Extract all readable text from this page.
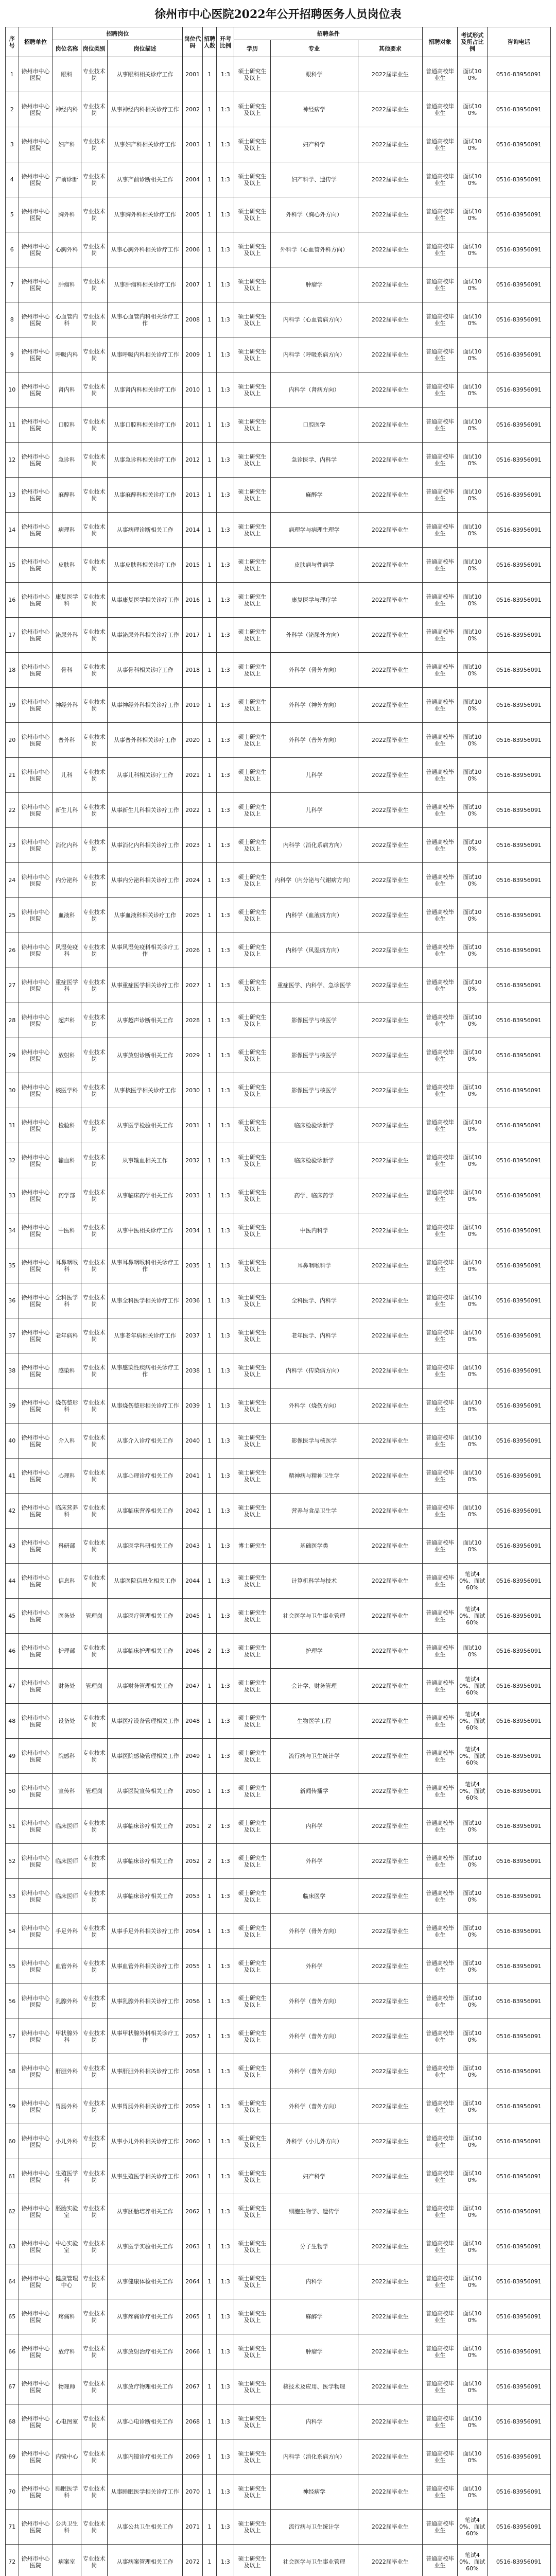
徐州市中心医院2022年公开招聘医务人员岗位表
序号	招聘单位	招聘岗位			岗位代码	招聘人数	开考比例	招聘条件			招聘对象	考试形式及所占比例	咨询电话
		岗位名称	岗位类别	岗位描述				学历	专业	其他要求			
1	徐州市中心医院	眼科	专业技术岗	从事眼科相关诊疗工作	2001	1	1:3	硕士研究生及以上	眼科学	2022届毕业生	普通高校毕业生	面试100%	0516-83956091
2	徐州市中心医院	神经内科	专业技术岗	从事神经内科相关诊疗工作	2002	1	1:3	硕士研究生及以上	神经病学	2022届毕业生	普通高校毕业生	面试100%	0516-83956091
3	徐州市中心医院	妇产科	专业技术岗	从事妇产科相关诊疗工作	2003	1	1:3	硕士研究生及以上	妇产科学	2022届毕业生	普通高校毕业生	面试100%	0516-83956091
4	徐州市中心医院	产前诊断	专业技术岗	从事产前诊断相关工作	2004	1	1:3	硕士研究生及以上	妇产科学、遗传学	2022届毕业生	普通高校毕业生	面试100%	0516-83956091
5	徐州市中心医院	胸外科	专业技术岗	从事胸外科相关诊疗工作	2005	1	1:3	硕士研究生及以上	外科学（胸心外方向）	2022届毕业生	普通高校毕业生	面试100%	0516-83956091
6	徐州市中心医院	心胸外科	专业技术岗	从事心胸外科相关诊疗工作	2006	1	1:3	硕士研究生及以上	外科学（心血管外科方向）	2022届毕业生	普通高校毕业生	面试100%	0516-83956091
7	徐州市中心医院	肿瘤科	专业技术岗	从事肿瘤科相关诊疗工作	2007	1	1:3	硕士研究生及以上	肿瘤学	2022届毕业生	普通高校毕业生	面试100%	0516-83956091
8	徐州市中心医院	心血管内科	专业技术岗	从事心血管内科相关诊疗工作	2008	1	1:3	硕士研究生及以上	内科学（心血管病方向）	2022届毕业生	普通高校毕业生	面试100%	0516-83956091
9	徐州市中心医院	呼吸内科	专业技术岗	从事呼吸内科相关诊疗工作	2009	1	1:3	硕士研究生及以上	内科学（呼吸系病方向）	2022届毕业生	普通高校毕业生	面试100%	0516-83956091
10	徐州市中心医院	肾内科	专业技术岗	从事肾内科相关诊疗工作	2010	1	1:3	硕士研究生及以上	内科学（肾病方向）	2022届毕业生	普通高校毕业生	面试100%	0516-83956091
11	徐州市中心医院	口腔科	专业技术岗	从事口腔科相关诊疗工作	2011	1	1:3	硕士研究生及以上	口腔医学	2022届毕业生	普通高校毕业生	面试100%	0516-83956091
12	徐州市中心医院	急诊科	专业技术岗	从事急诊科相关诊疗工作	2012	1	1:3	硕士研究生及以上	急诊医学、内科学	2022届毕业生	普通高校毕业生	面试100%	0516-83956091
13	徐州市中心医院	麻醉科	专业技术岗	从事麻醉科相关诊疗工作	2013	1	1:3	硕士研究生及以上	麻醉学	2022届毕业生	普通高校毕业生	面试100%	0516-83956091
14	徐州市中心医院	病理科	专业技术岗	从事病理诊断相关工作	2014	1	1:3	硕士研究生及以上	病理学与病理生理学	2022届毕业生	普通高校毕业生	面试100%	0516-83956091
15	徐州市中心医院	皮肤科	专业技术岗	从事皮肤科相关诊疗工作	2015	1	1:3	硕士研究生及以上	皮肤病与性病学	2022届毕业生	普通高校毕业生	面试100%	0516-83956091
16	徐州市中心医院	康复医学科	专业技术岗	从事康复医学相关诊疗工作	2016	1	1:3	硕士研究生及以上	康复医学与理疗学	2022届毕业生	普通高校毕业生	面试100%	0516-83956091
17	徐州市中心医院	泌尿外科	专业技术岗	从事泌尿外科相关诊疗工作	2017	1	1:3	硕士研究生及以上	外科学（泌尿外方向）	2022届毕业生	普通高校毕业生	面试100%	0516-83956091
18	徐州市中心医院	骨科	专业技术岗	从事骨科相关诊疗工作	2018	1	1:3	硕士研究生及以上	外科学（骨外方向）	2022届毕业生	普通高校毕业生	面试100%	0516-83956091
19	徐州市中心医院	神经外科	专业技术岗	从事神经外科相关诊疗工作	2019	1	1:3	硕士研究生及以上	外科学（神外方向）	2022届毕业生	普通高校毕业生	面试100%	0516-83956091
20	徐州市中心医院	普外科	专业技术岗	从事普外科相关诊疗工作	2020	1	1:3	硕士研究生及以上	外科学（普外方向）	2022届毕业生	普通高校毕业生	面试100%	0516-83956091
21	徐州市中心医院	儿科	专业技术岗	从事儿科相关诊疗工作	2021	1	1:3	硕士研究生及以上	儿科学	2022届毕业生	普通高校毕业生	面试100%	0516-83956091
22	徐州市中心医院	新生儿科	专业技术岗	从事新生儿科相关诊疗工作	2022	1	1:3	硕士研究生及以上	儿科学	2022届毕业生	普通高校毕业生	面试100%	0516-83956091
23	徐州市中心医院	消化内科	专业技术岗	从事消化内科相关诊疗工作	2023	1	1:3	硕士研究生及以上	内科学（消化系病方向）	2022届毕业生	普通高校毕业生	面试100%	0516-83956091
24	徐州市中心医院	内分泌科	专业技术岗	从事内分泌科相关诊疗工作	2024	1	1:3	硕士研究生及以上	内科学（内分泌与代谢病方向）	2022届毕业生	普通高校毕业生	面试100%	0516-83956091
25	徐州市中心医院	血液科	专业技术岗	从事血液科相关诊疗工作	2025	1	1:3	硕士研究生及以上	内科学（血液病方向）	2022届毕业生	普通高校毕业生	面试100%	0516-83956091
26	徐州市中心医院	风湿免疫科	专业技术岗	从事风湿免疫科相关诊疗工作	2026	1	1:3	硕士研究生及以上	内科学（风湿病方向）	2022届毕业生	普通高校毕业生	面试100%	0516-83956091
27	徐州市中心医院	重症医学科	专业技术岗	从事重症医学相关诊疗工作	2027	1	1:3	硕士研究生及以上	重症医学、内科学、急诊医学	2022届毕业生	普通高校毕业生	面试100%	0516-83956091
28	徐州市中心医院	超声科	专业技术岗	从事超声诊断相关工作	2028	1	1:3	硕士研究生及以上	影像医学与核医学	2022届毕业生	普通高校毕业生	面试100%	0516-83956091
29	徐州市中心医院	放射科	专业技术岗	从事放射诊断相关工作	2029	1	1:3	硕士研究生及以上	影像医学与核医学	2022届毕业生	普通高校毕业生	面试100%	0516-83956091
30	徐州市中心医院	核医学科	专业技术岗	从事核医学相关诊疗工作	2030	1	1:3	硕士研究生及以上	影像医学与核医学	2022届毕业生	普通高校毕业生	面试100%	0516-83956091
31	徐州市中心医院	检验科	专业技术岗	从事医学检验相关工作	2031	1	1:3	硕士研究生及以上	临床检验诊断学	2022届毕业生	普通高校毕业生	面试100%	0516-83956091
32	徐州市中心医院	输血科	专业技术岗	从事输血相关工作	2032	1	1:3	硕士研究生及以上	临床检验诊断学	2022届毕业生	普通高校毕业生	面试100%	0516-83956091
33	徐州市中心医院	药学部	专业技术岗	从事临床药学相关工作	2033	1	1:3	硕士研究生及以上	药学、临床药学	2022届毕业生	普通高校毕业生	面试100%	0516-83956091
34	徐州市中心医院	中医科	专业技术岗	从事中医相关诊疗工作	2034	1	1:3	硕士研究生及以上	中医内科学	2022届毕业生	普通高校毕业生	面试100%	0516-83956091
35	徐州市中心医院	耳鼻咽喉科	专业技术岗	从事耳鼻咽喉科相关诊疗工作	2035	1	1:3	硕士研究生及以上	耳鼻咽喉科学	2022届毕业生	普通高校毕业生	面试100%	0516-83956091
36	徐州市中心医院	全科医学科	专业技术岗	从事全科医学相关诊疗工作	2036	1	1:3	硕士研究生及以上	全科医学、内科学	2022届毕业生	普通高校毕业生	面试100%	0516-83956091
37	徐州市中心医院	老年病科	专业技术岗	从事老年病相关诊疗工作	2037	1	1:3	硕士研究生及以上	老年医学、内科学	2022届毕业生	普通高校毕业生	面试100%	0516-83956091
38	徐州市中心医院	感染科	专业技术岗	从事感染性疾病相关诊疗工作	2038	1	1:3	硕士研究生及以上	内科学（传染病方向）	2022届毕业生	普通高校毕业生	面试100%	0516-83956091
39	徐州市中心医院	烧伤整形科	专业技术岗	从事烧伤整形相关诊疗工作	2039	1	1:3	硕士研究生及以上	外科学（烧伤方向）	2022届毕业生	普通高校毕业生	面试100%	0516-83956091
40	徐州市中心医院	介入科	专业技术岗	从事介入诊疗相关工作	2040	1	1:3	硕士研究生及以上	影像医学与核医学	2022届毕业生	普通高校毕业生	面试100%	0516-83956091
41	徐州市中心医院	心理科	专业技术岗	从事心理诊疗相关工作	2041	1	1:3	硕士研究生及以上	精神病与精神卫生学	2022届毕业生	普通高校毕业生	面试100%	0516-83956091
42	徐州市中心医院	临床营养科	专业技术岗	从事临床营养相关工作	2042	1	1:3	硕士研究生及以上	营养与食品卫生学	2022届毕业生	普通高校毕业生	面试100%	0516-83956091
43	徐州市中心医院	科研部	专业技术岗	从事医学科研相关工作	2043	1	1:3	博士研究生	基础医学类	2022届毕业生	普通高校毕业生	面试100%	0516-83956091
44	徐州市中心医院	信息科	专业技术岗	从事医院信息化相关工作	2044	1	1:3	硕士研究生及以上	计算机科学与技术	2022届毕业生	普通高校毕业生	笔试40%、面试60%	0516-83956091
45	徐州市中心医院	医务处	管理岗	从事医疗管理相关工作	2045	1	1:3	硕士研究生及以上	社会医学与卫生事业管理	2022届毕业生	普通高校毕业生	笔试40%、面试60%	0516-83956091
46	徐州市中心医院	护理部	专业技术岗	从事临床护理相关工作	2046	2	1:3	硕士研究生及以上	护理学	2022届毕业生	普通高校毕业生	面试100%	0516-83956091
47	徐州市中心医院	财务处	管理岗	从事财务管理相关工作	2047	1	1:3	硕士研究生及以上	会计学、财务管理	2022届毕业生	普通高校毕业生	笔试40%、面试60%	0516-83956091
48	徐州市中心医院	设备处	专业技术岗	从事医疗设备管理相关工作	2048	1	1:3	硕士研究生及以上	生物医学工程	2022届毕业生	普通高校毕业生	笔试40%、面试60%	0516-83956091
49	徐州市中心医院	院感科	专业技术岗	从事医院感染管理相关工作	2049	1	1:3	硕士研究生及以上	流行病与卫生统计学	2022届毕业生	普通高校毕业生	笔试40%、面试60%	0516-83956091
50	徐州市中心医院	宣传科	管理岗	从事医院宣传相关工作	2050	1	1:3	硕士研究生及以上	新闻传播学	2022届毕业生	普通高校毕业生	笔试40%、面试60%	0516-83956091
51	徐州市中心医院	临床医师	专业技术岗	从事临床诊疗相关工作	2051	2	1:3	硕士研究生及以上	内科学	2022届毕业生	普通高校毕业生	面试100%	0516-83956091
52	徐州市中心医院	临床医师	专业技术岗	从事临床诊疗相关工作	2052	2	1:3	硕士研究生及以上	外科学	2022届毕业生	普通高校毕业生	面试100%	0516-83956091
53	徐州市中心医院	临床医师	专业技术岗	从事临床诊疗相关工作	2053	1	1:3	硕士研究生及以上	临床医学	2022届毕业生	普通高校毕业生	面试100%	0516-83956091
54	徐州市中心医院	手足外科	专业技术岗	从事手足外科相关诊疗工作	2054	1	1:3	硕士研究生及以上	外科学（骨外方向）	2022届毕业生	普通高校毕业生	面试100%	0516-83956091
55	徐州市中心医院	血管外科	专业技术岗	从事血管外科相关诊疗工作	2055	1	1:3	硕士研究生及以上	外科学	2022届毕业生	普通高校毕业生	面试100%	0516-83956091
56	徐州市中心医院	乳腺外科	专业技术岗	从事乳腺外科相关诊疗工作	2056	1	1:3	硕士研究生及以上	外科学（普外方向）	2022届毕业生	普通高校毕业生	面试100%	0516-83956091
57	徐州市中心医院	甲状腺外科	专业技术岗	从事甲状腺外科相关诊疗工作	2057	1	1:3	硕士研究生及以上	外科学（普外方向）	2022届毕业生	普通高校毕业生	面试100%	0516-83956091
58	徐州市中心医院	肝胆外科	专业技术岗	从事肝胆外科相关诊疗工作	2058	1	1:3	硕士研究生及以上	外科学（普外方向）	2022届毕业生	普通高校毕业生	面试100%	0516-83956091
59	徐州市中心医院	胃肠外科	专业技术岗	从事胃肠外科相关诊疗工作	2059	1	1:3	硕士研究生及以上	外科学（普外方向）	2022届毕业生	普通高校毕业生	面试100%	0516-83956091
60	徐州市中心医院	小儿外科	专业技术岗	从事小儿外科相关诊疗工作	2060	1	1:3	硕士研究生及以上	外科学（小儿外方向）	2022届毕业生	普通高校毕业生	面试100%	0516-83956091
61	徐州市中心医院	生殖医学科	专业技术岗	从事生殖医学相关诊疗工作	2061	1	1:3	硕士研究生及以上	妇产科学	2022届毕业生	普通高校毕业生	面试100%	0516-83956091
62	徐州市中心医院	胚胎实验室	专业技术岗	从事胚胎培养相关工作	2062	1	1:3	硕士研究生及以上	细胞生物学、遗传学	2022届毕业生	普通高校毕业生	面试100%	0516-83956091
63	徐州市中心医院	中心实验室	专业技术岗	从事医学实验相关工作	2063	1	1:3	硕士研究生及以上	分子生物学	2022届毕业生	普通高校毕业生	面试100%	0516-83956091
64	徐州市中心医院	健康管理中心	专业技术岗	从事健康体检相关工作	2064	1	1:3	硕士研究生及以上	内科学	2022届毕业生	普通高校毕业生	面试100%	0516-83956091
65	徐州市中心医院	疼痛科	专业技术岗	从事疼痛诊疗相关工作	2065	1	1:3	硕士研究生及以上	麻醉学	2022届毕业生	普通高校毕业生	面试100%	0516-83956091
66	徐州市中心医院	放疗科	专业技术岗	从事放射治疗相关工作	2066	1	1:3	硕士研究生及以上	肿瘤学	2022届毕业生	普通高校毕业生	面试100%	0516-83956091
67	徐州市中心医院	物理师	专业技术岗	从事放疗物理相关工作	2067	1	1:3	硕士研究生及以上	核技术及应用、医学物理	2022届毕业生	普通高校毕业生	面试100%	0516-83956091
68	徐州市中心医院	心电图室	专业技术岗	从事心电诊断相关工作	2068	1	1:3	硕士研究生及以上	内科学	2022届毕业生	普通高校毕业生	面试100%	0516-83956091
69	徐州市中心医院	内镜中心	专业技术岗	从事内镜诊疗相关工作	2069	1	1:3	硕士研究生及以上	内科学（消化系病方向）	2022届毕业生	普通高校毕业生	面试100%	0516-83956091
70	徐州市中心医院	睡眠医学科	专业技术岗	从事睡眠医学相关诊疗工作	2070	1	1:3	硕士研究生及以上	神经病学	2022届毕业生	普通高校毕业生	面试100%	0516-83956091
71	徐州市中心医院	公共卫生科	专业技术岗	从事公共卫生相关工作	2071	1	1:3	硕士研究生及以上	流行病与卫生统计学	2022届毕业生	普通高校毕业生	笔试40%、面试60%	0516-83956091
72	徐州市中心医院	病案室	专业技术岗	从事病案管理相关工作	2072	1	1:3	硕士研究生及以上	社会医学与卫生事业管理	2022届毕业生	普通高校毕业生	笔试40%、面试60%	0516-83956091
